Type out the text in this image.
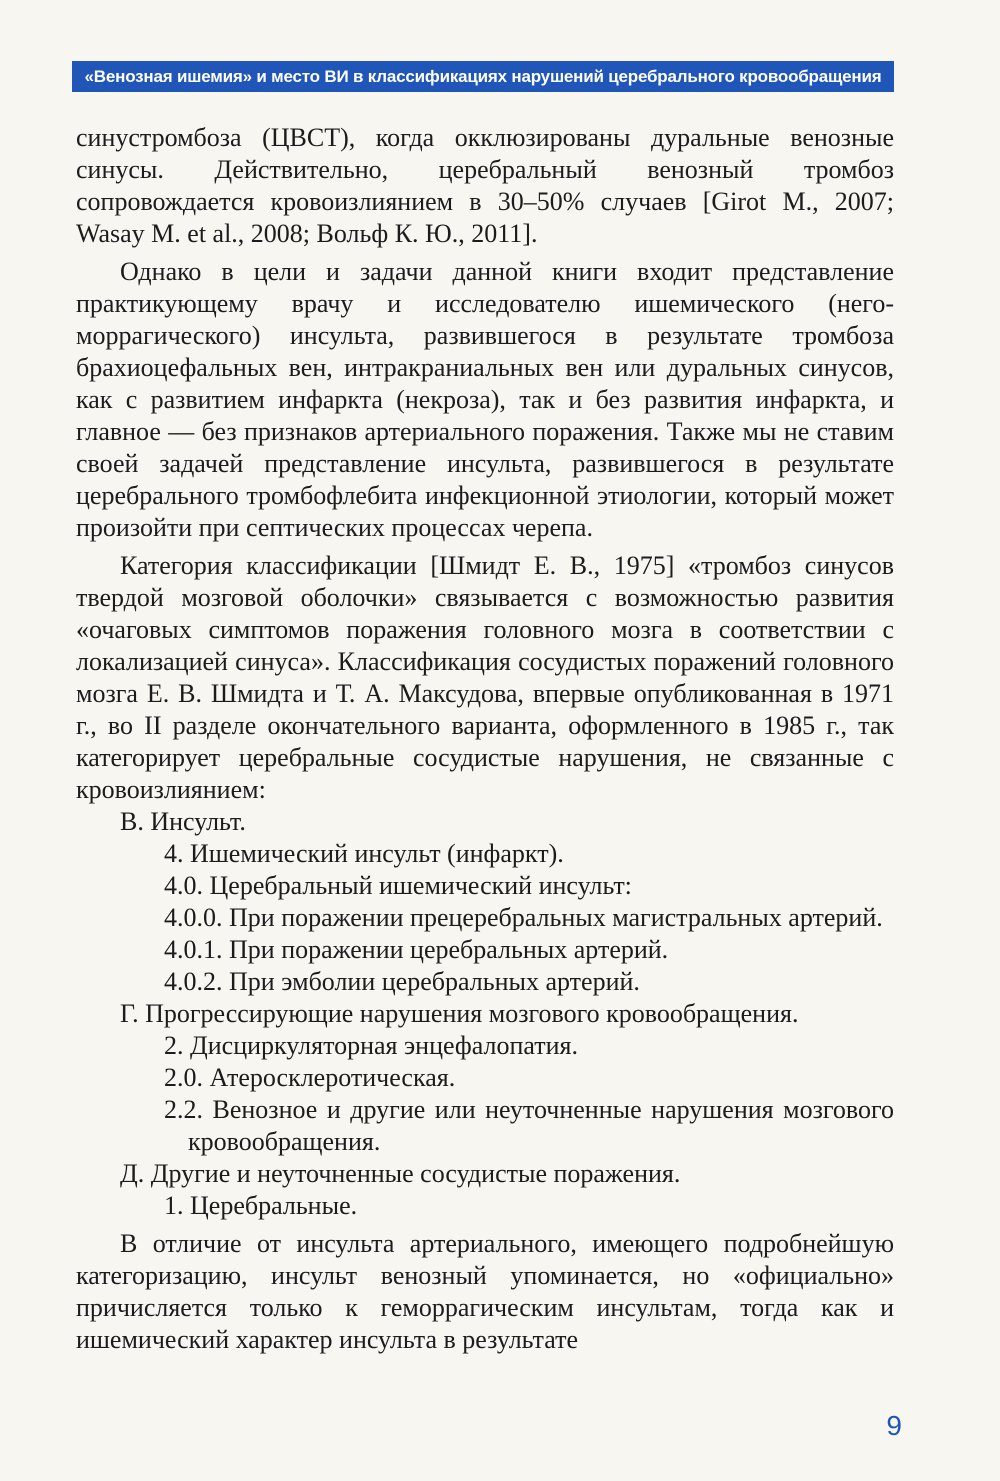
«Венозная ишемия» и место ВИ в классификациях нарушений церебрального кровообращения

синустромбоза (ЦВСТ), когда окклюзированы дуральные венозные синусы. Действительно, церебральный венозный тромбоз сопровождается кровоизлиянием в 30–50% случаев [Girot M., 2007; Wasay M. et al., 2008; Вольф К. Ю., 2011].

Однако в цели и задачи данной книги входит представление практикующему врачу и исследователю ишемического (негоморрагического) инсульта, развившегося в результате тромбоза брахиоцефальных вен, интракраниальных вен или дуральных синусов, как с развитием инфаркта (некроза), так и без развития инфаркта, и главное — без признаков артериального поражения. Также мы не ставим своей задачей представление инсульта, развившегося в результате церебрального тромбофлебита инфекционной этиологии, который может произойти при септических процессах черепа.

Категория классификации [Шмидт Е. В., 1975] «тромбоз синусов твердой мозговой оболочки» связывается с возможностью развития «очаговых симптомов поражения головного мозга в соответствии с локализацией синуса». Классификация сосудистых поражений головного мозга Е. В. Шмидта и Т. А. Максудова, впервые опубликованная в 1971 г., во II разделе окончательного варианта, оформленного в 1985 г., так категорирует церебральные сосудистые нарушения, не связанные с кровоизлиянием:

В. Инсульт.

4. Ишемический инсульт (инфаркт).

4.0. Церебральный ишемический инсульт:

4.0.0. При поражении прецеребральных магистральных артерий.

4.0.1. При поражении церебральных артерий.

4.0.2. При эмболии церебральных артерий.

Г. Прогрессирующие нарушения мозгового кровообращения.

2. Дисциркуляторная энцефалопатия.

2.0. Атеросклеротическая.

2.2. Венозное и другие или неуточненные нарушения мозгового кровообращения.

Д. Другие и неуточненные сосудистые поражения.

1. Церебральные.

В отличие от инсульта артериального, имеющего подробнейшую категоризацию, инсульт венозный упоминается, но «официально» причисляется только к геморрагическим инсультам, тогда как и ишемический характер инсульта в результате

9
